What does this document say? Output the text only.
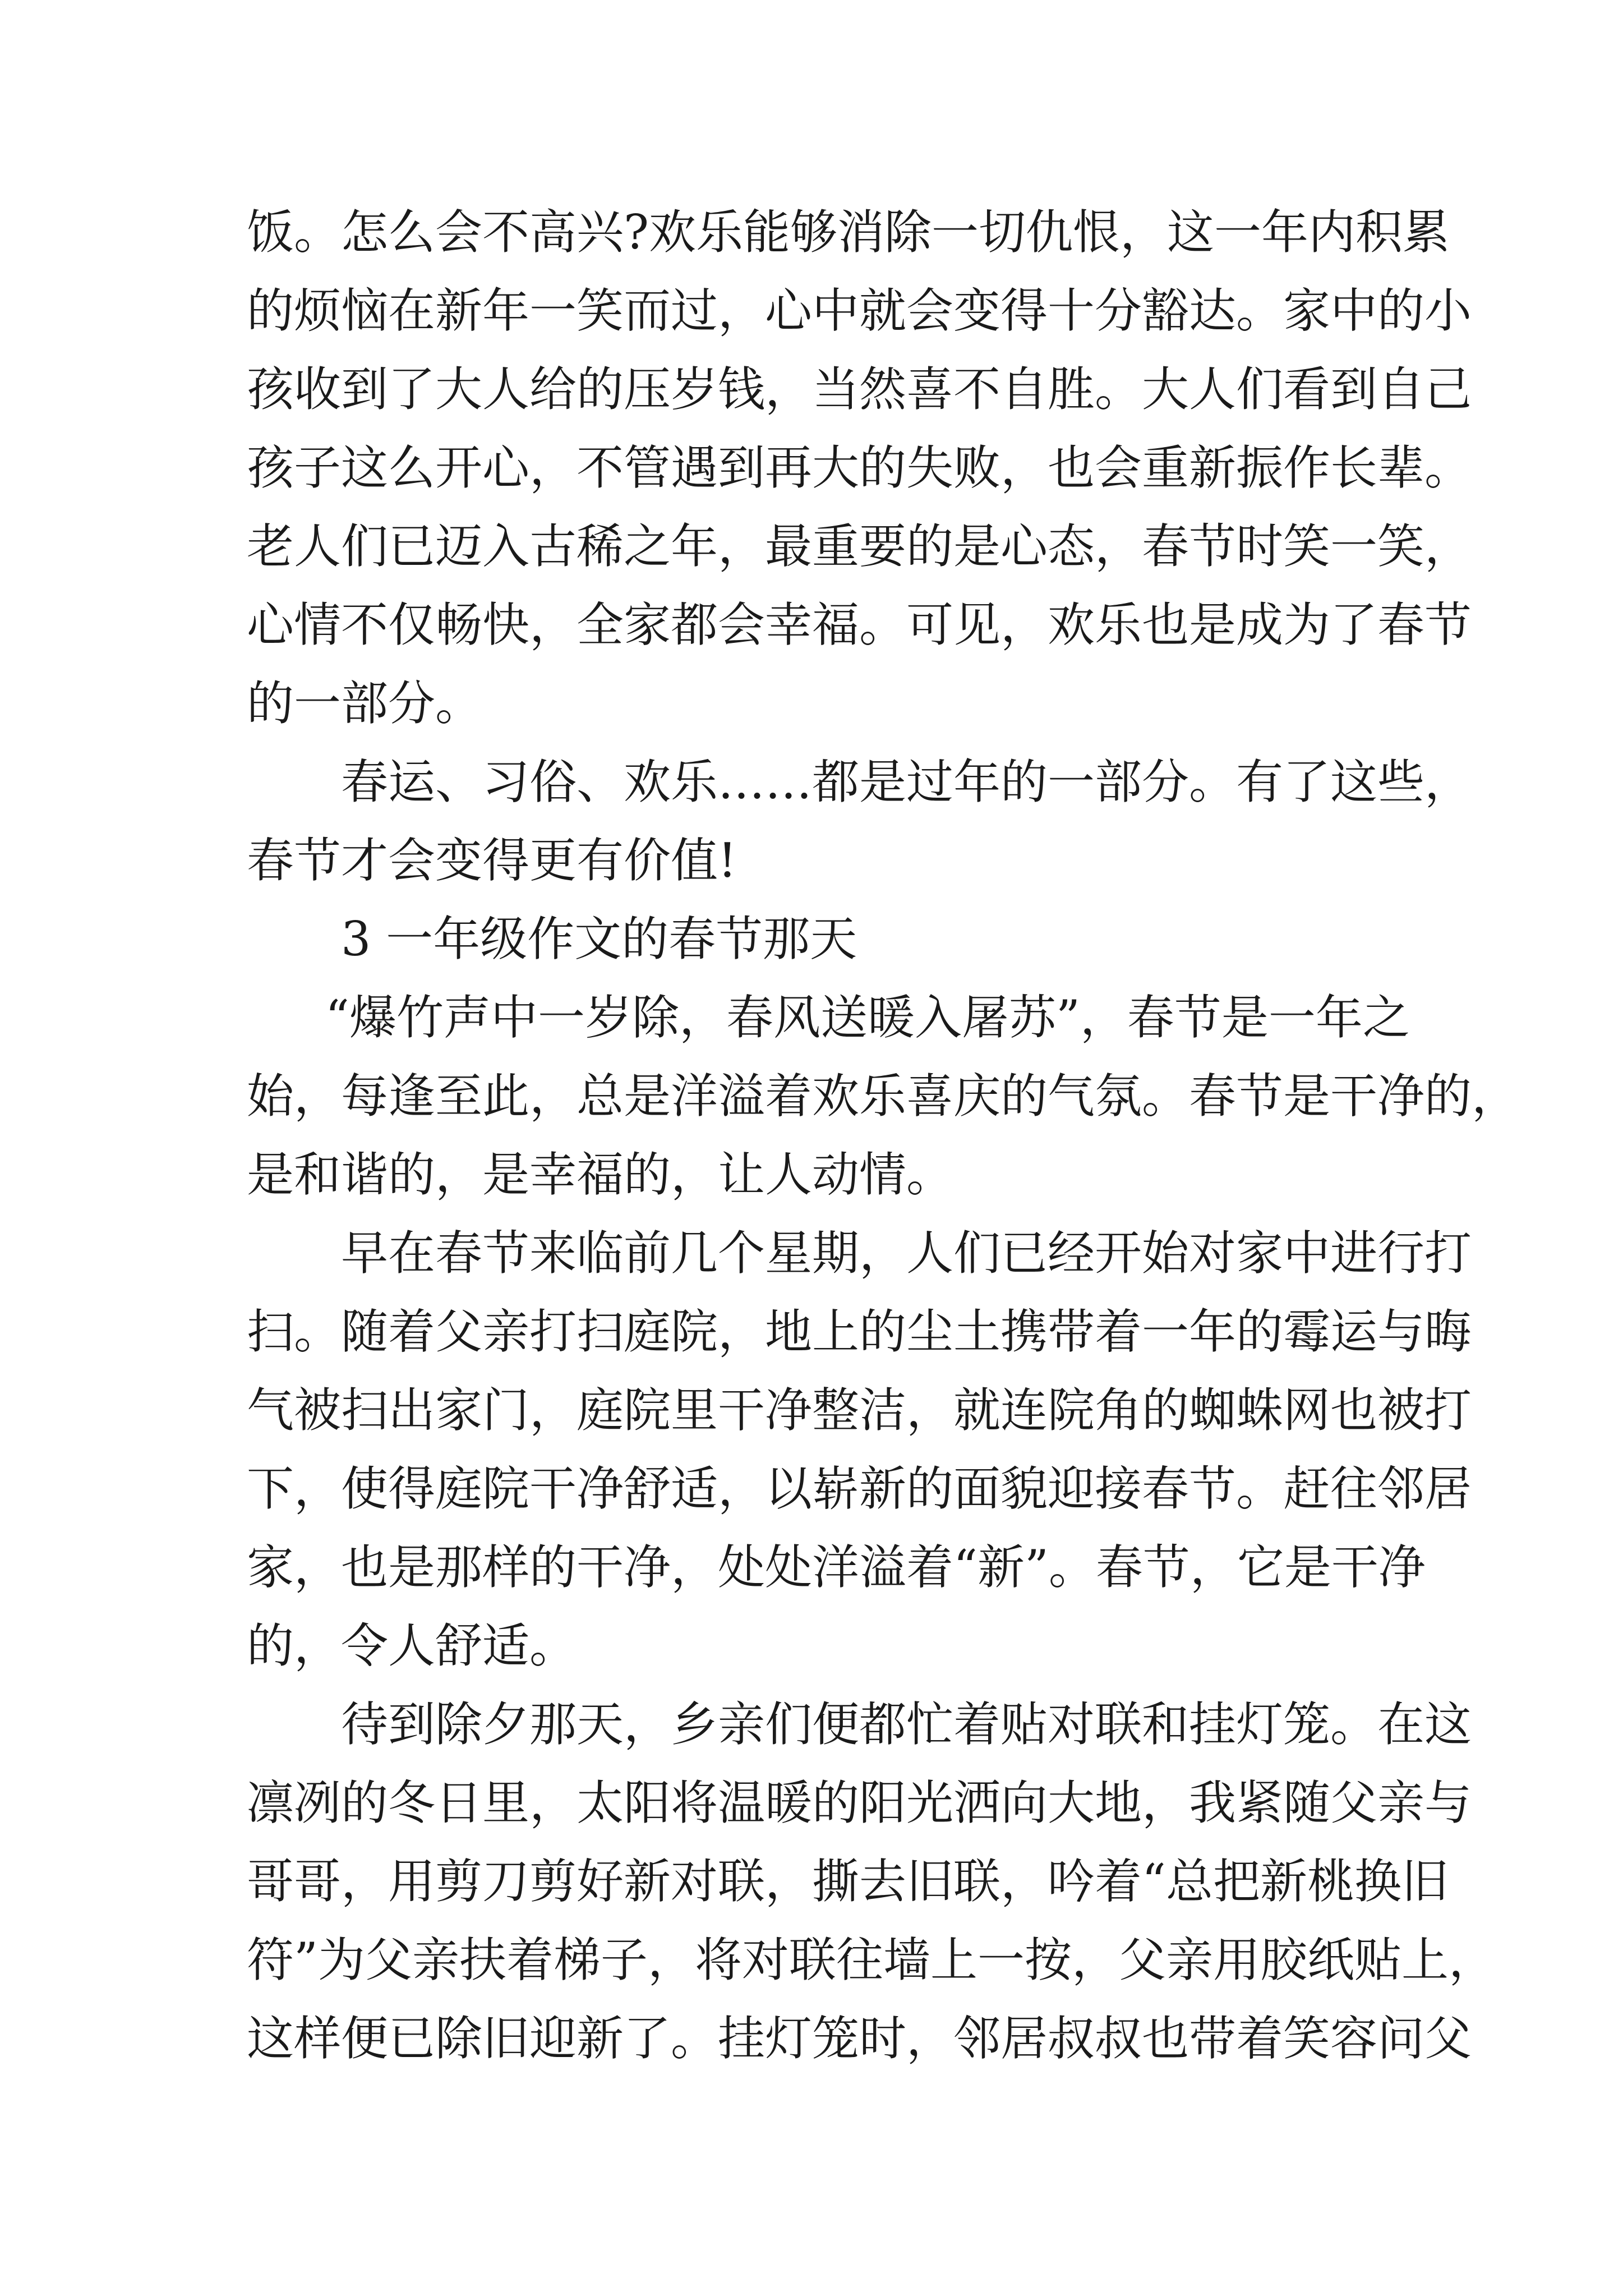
饭。怎么会不高兴?欢乐能够消除一切仇恨，这一年内积累
的烦恼在新年一笑而过，心中就会变得十分豁达。家中的小
孩收到了大人给的压岁钱，当然喜不自胜。大人们看到自己
孩子这么开心，不管遇到再大的失败，也会重新振作长辈。
老人们已迈入古稀之年，最重要的是心态，春节时笑一笑，
心情不仅畅快，全家都会幸福。可见，欢乐也是成为了春节
的一部分。
春运、习俗、欢乐……都是过年的一部分。有了这些，
春节才会变得更有价值!
3 一年级作文的春节那天
“爆竹声中一岁除，春风送暖入屠苏”，春节是一年之
始，每逢至此，总是洋溢着欢乐喜庆的气氛。春节是干净的，
是和谐的，是幸福的，让人动情。
早在春节来临前几个星期，人们已经开始对家中进行打
扫。随着父亲打扫庭院，地上的尘土携带着一年的霉运与晦
气被扫出家门，庭院里干净整洁，就连院角的蜘蛛网也被打
下，使得庭院干净舒适，以崭新的面貌迎接春节。赶往邻居
家，也是那样的干净，处处洋溢着“新”。春节，它是干净
的，令人舒适。
待到除夕那天，乡亲们便都忙着贴对联和挂灯笼。在这
凛冽的冬日里，太阳将温暖的阳光洒向大地，我紧随父亲与
哥哥，用剪刀剪好新对联，撕去旧联，吟着“总把新桃换旧
符”为父亲扶着梯子，将对联往墙上一按，父亲用胶纸贴上，
这样便已除旧迎新了。挂灯笼时，邻居叔叔也带着笑容问父
